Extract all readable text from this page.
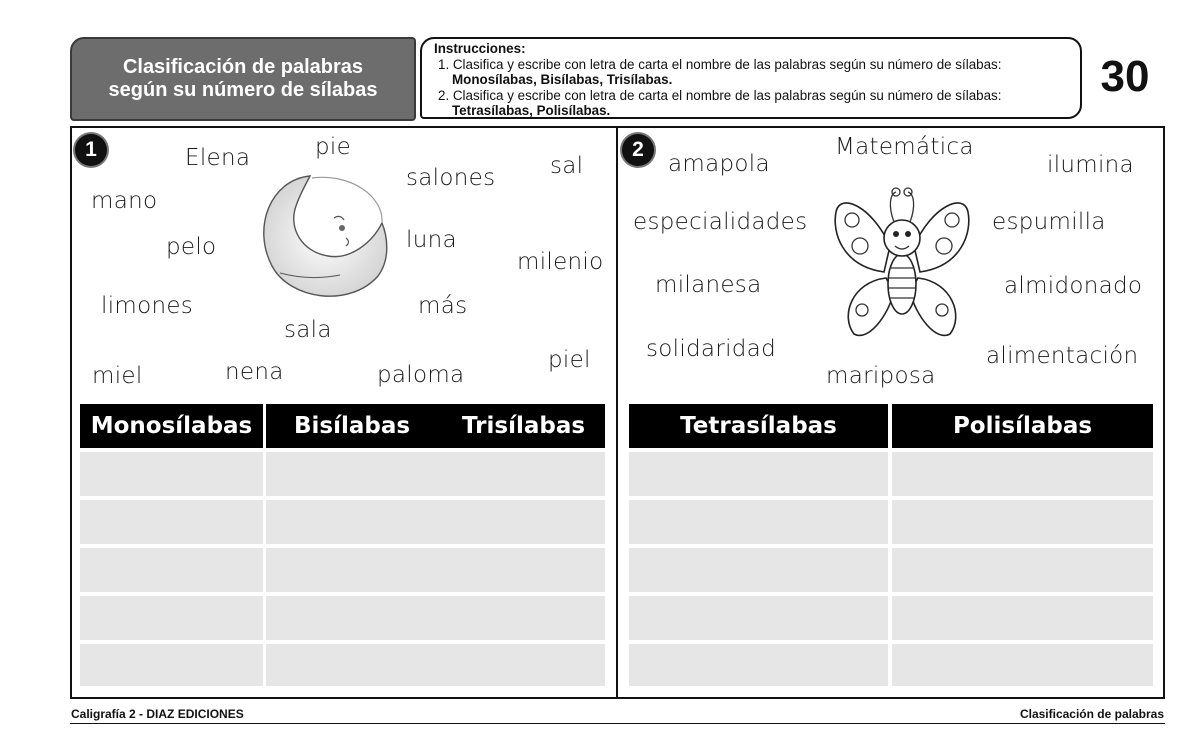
Clasificación de palabras
según su número de sílabas
Instrucciones:
1. Clasifica y escribe con letra de carta el nombre de las palabras según su número de sílabas: Monosílabas, Bisílabas, Trisílabas.
2. Clasifica y escribe con letra de carta el nombre de las palabras según su número de sílabas: Tetrasílabas, Polisílabas.
30
1	Elena	pie
salones sal
mano
pelo	luna
milenio
limones	más
sala
miel	nena	paloma
piel
Monosílabas	Bisílabas Trisílabas
2
amapola
Matemática
ilumina
especialidades	espumilla
milanesa	almidonado
solidaridad	alimentación
mariposa
Tetrasílabas	Polisílabas
Caligrafía 2 - DIAZ EDICIONES	Clasificación de palabras
